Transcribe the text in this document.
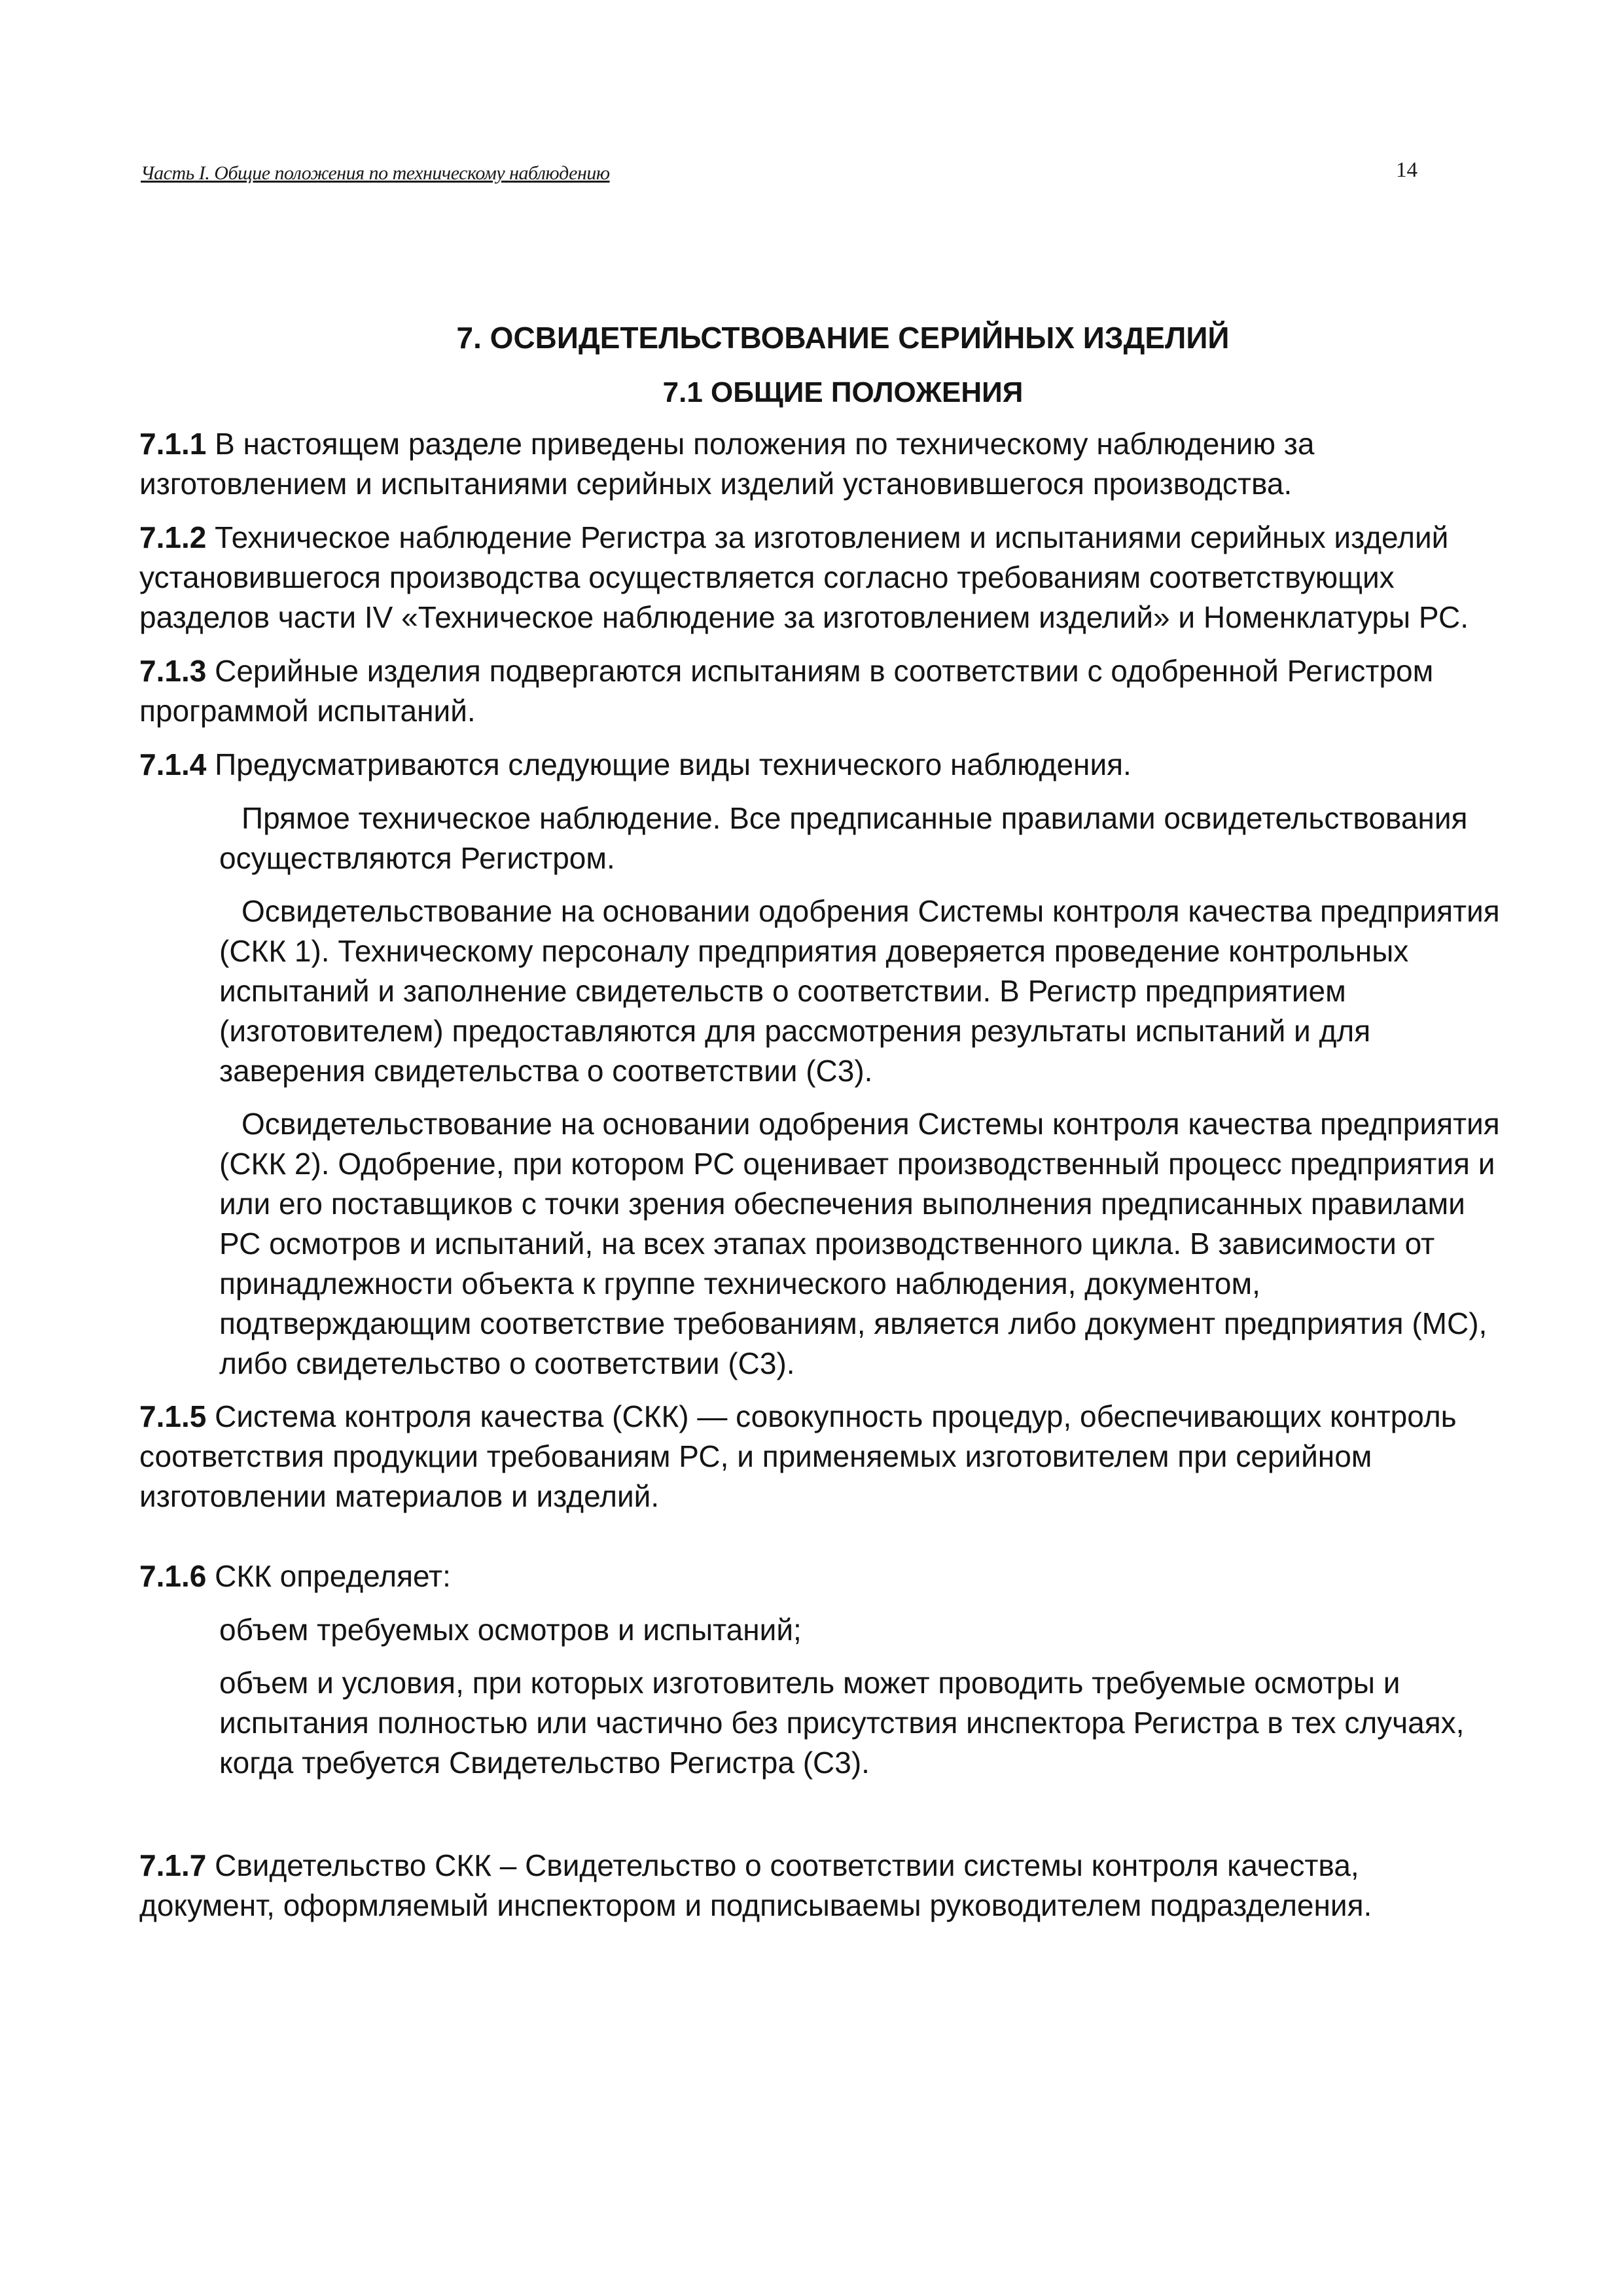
Часть I. Общие положения по техническому наблюдению	14
7. ОСВИДЕТЕЛЬСТВОВАНИЕ СЕРИЙНЫХ ИЗДЕЛИЙ
7.1 ОБЩИЕ ПОЛОЖЕНИЯ

7.1.1 В настоящем разделе приведены положения по техническому наблюдению за изготовлением и испытаниями серийных изделий установившегося производства.

7.1.2 Техническое наблюдение Регистра за изготовлением и испытаниями серийных изделий установившегося производства осуществляется согласно требованиям соответствующих разделов части IV «Техническое наблюдение за изготовлением изделий» и Номенклатуры РС.

7.1.3 Серийные изделия подвергаются испытаниям в соответствии с одобренной Регистром программой испытаний.

7.1.4 Предусматриваются следующие виды технического наблюдения.

Прямое техническое наблюдение. Все предписанные правилами освидетельствования осуществляются Регистром.

Освидетельствование на основании одобрения Системы контроля качества предприятия (СКК 1). Техническому персоналу предприятия доверяется проведение контрольных испытаний и заполнение свидетельств о соответствии. В Регистр предприятием (изготовителем) предоставляются для рассмотрения результаты испытаний и для заверения свидетельства о соответствии (С3).

Освидетельствование на основании одобрения Системы контроля качества предприятия (СКК 2). Одобрение, при котором РС оценивает производственный процесс предприятия и или его поставщиков с точки зрения обеспечения выполнения предписанных правилами РС осмотров и испытаний, на всех этапах производственного цикла. В зависимости от принадлежности объекта к группе технического наблюдения, документом, подтверждающим соответствие требованиям, является либо документ предприятия (МС), либо свидетельство о соответствии (С3).

7.1.5 Система контроля качества (СКК) — совокупность процедур, обеспечивающих контроль соответствия продукции требованиям РС, и применяемых изготовителем при серийном изготовлении материалов и изделий.

7.1.6 СКК определяет:

объем требуемых осмотров и испытаний;

объем и условия, при которых изготовитель может проводить требуемые осмотры и испытания полностью или частично без присутствия инспектора Регистра в тех случаях, когда требуется Свидетельство Регистра (С3).

7.1.7 Свидетельство СКК – Свидетельство о соответствии системы контроля качества, документ, оформляемый инспектором и подписываемы руководителем подразделения.
